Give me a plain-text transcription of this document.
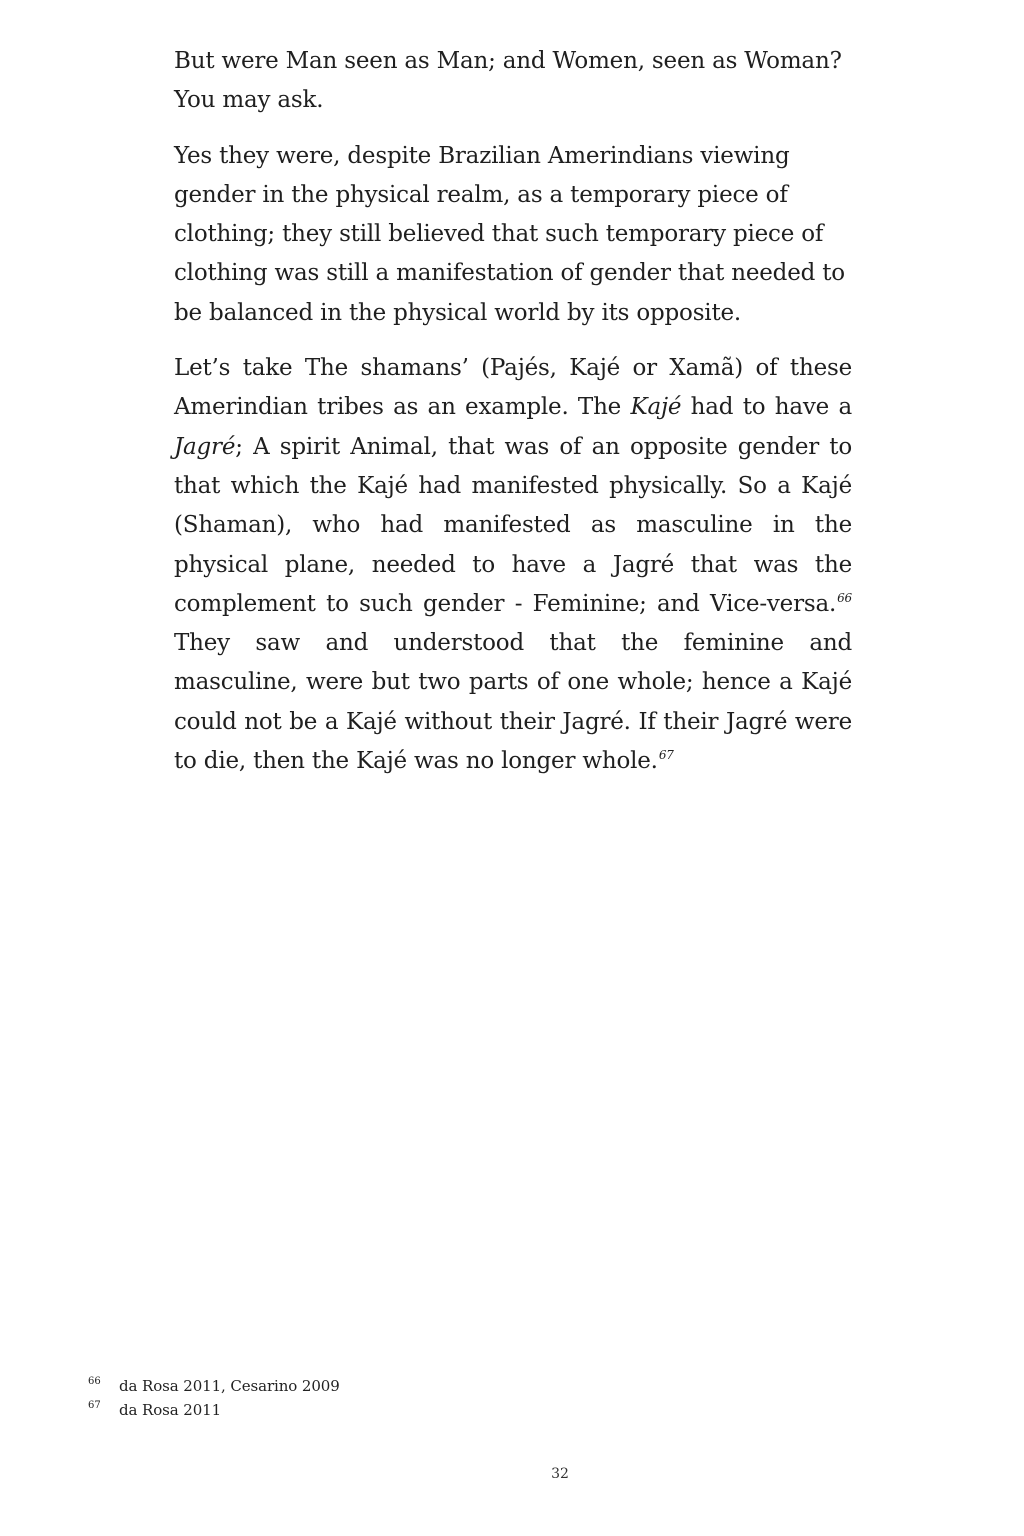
But were Man seen as Man; and Women, seen as Woman? You may ask.

Yes they were, despite Brazilian Amerindians viewing gender in the physical realm, as a temporary piece of clothing; they still believed that such temporary piece of clothing was still a manifestation of gender that needed to be balanced in the physical world by its opposite.

Let’s take The shamans’ (Pajés, Kajé or Xamã) of these Amerindian tribes as an example. The Kajé had to have a Jagré; A spirit Animal, that was of an opposite gender to that which the Kajé had manifested physically. So a Kajé (Shaman), who had manifested as masculine in the physical plane, needed to have a Jagré that was the complement to such gender - Feminine; and Vice-versa.$^{66}$ They saw and understood that the feminine and masculine, were but two parts of one whole; hence a Kajé could not be a Kajé without their Jagré. If their Jagré were to die, then the Kajé was no longer whole.$^{67}$

66	da Rosa 2011, Cesarino 2009
67	da Rosa 2011
32
